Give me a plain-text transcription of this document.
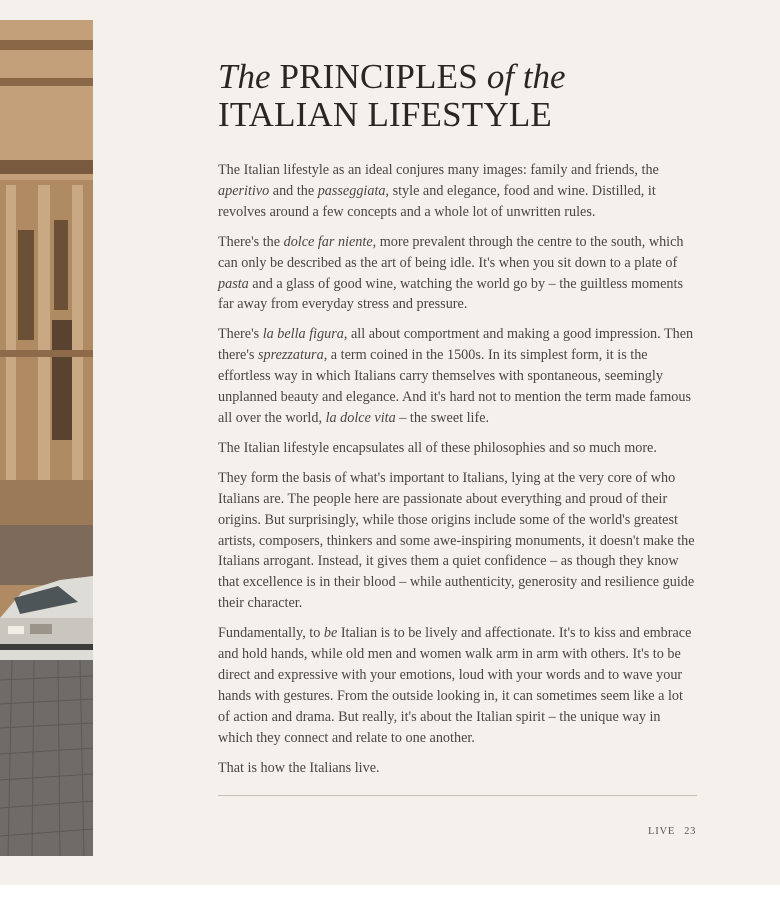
The PRINCIPLES of the
ITALIAN LIFESTYLE

The Italian lifestyle as an ideal conjures many images: family and friends, the aperitivo and the passeggiata, style and elegance, food and wine. Distilled, it revolves around a few concepts and a whole lot of unwritten rules.

There's the dolce far niente, more prevalent through the centre to the south, which can only be described as the art of being idle. It's when you sit down to a plate of pasta and a glass of good wine, watching the world go by – the guiltless moments far away from everyday stress and pressure.

There's la bella figura, all about comportment and making a good impression. Then there's sprezzatura, a term coined in the 1500s. In its simplest form, it is the effortless way in which Italians carry themselves with spontaneous, seemingly unplanned beauty and elegance. And it's hard not to mention the term made famous all over the world, la dolce vita – the sweet life.

The Italian lifestyle encapsulates all of these philosophies and so much more.

They form the basis of what's important to Italians, lying at the very core of who Italians are. The people here are passionate about everything and proud of their origins. But surprisingly, while those origins include some of the world's greatest artists, composers, thinkers and some awe-inspiring monuments, it doesn't make the Italians arrogant. Instead, it gives them a quiet confidence – as though they know that excellence is in their blood – while authenticity, generosity and resilience guide their character.

Fundamentally, to be Italian is to be lively and affectionate. It's to kiss and embrace and hold hands, while old men and women walk arm in arm with others. It's to be direct and expressive with your emotions, loud with your words and to wave your hands with gestures. From the outside looking in, it can sometimes seem like a lot of action and drama. But really, it's about the Italian spirit – the unique way in which they connect and relate to one another.

That is how the Italians live.

LIVE 23
